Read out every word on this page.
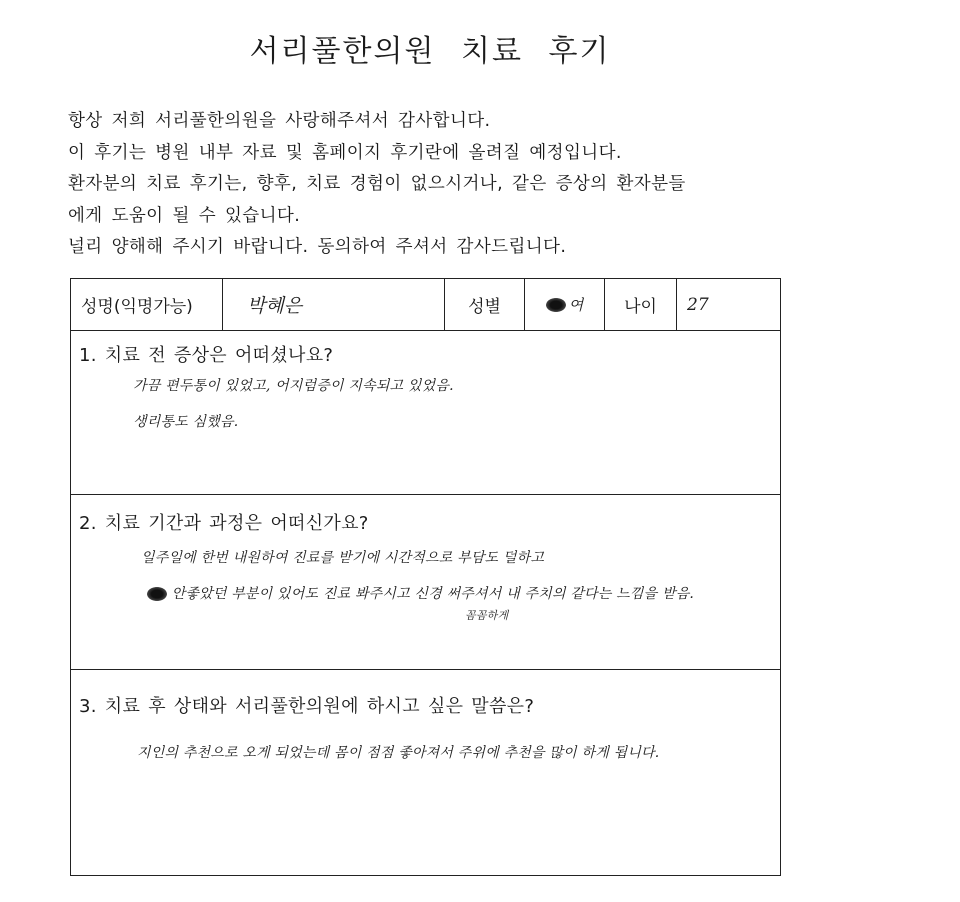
서리풀한의원 치료 후기
항상 저희 서리풀한의원을 사랑해주셔서 감사합니다.
이 후기는 병원 내부 자료 및 홈페이지 후기란에 올려질 예정입니다.
환자분의 치료 후기는, 향후, 치료 경험이 없으시거나, 같은 증상의 환자분들
에게 도움이 될 수 있습니다.
널리 양해해 주시기 바랍니다. 동의하여 주셔서 감사드립니다.
성명(익명가능)	박혜은	성별	여 나이	27
1. 치료 전 증상은 어떠셨나요?
가끔 편두통이 있었고, 어지럼증이 지속되고 있었음.
생리통도 심했음.
2. 치료 기간과 과정은 어떠신가요?
일주일에 한번 내원하여 진료를 받기에 시간적으로 부담도 덜하고
안좋았던 부분이 있어도 진료 봐주시고 신경 써주셔서 내 주치의 같다는 느낌을 받음.
꼼꼼하게
3. 치료 후 상태와 서리풀한의원에 하시고 싶은 말씀은?
지인의 추천으로 오게 되었는데 몸이 점점 좋아져서 주위에 추천을 많이 하게 됩니다.
